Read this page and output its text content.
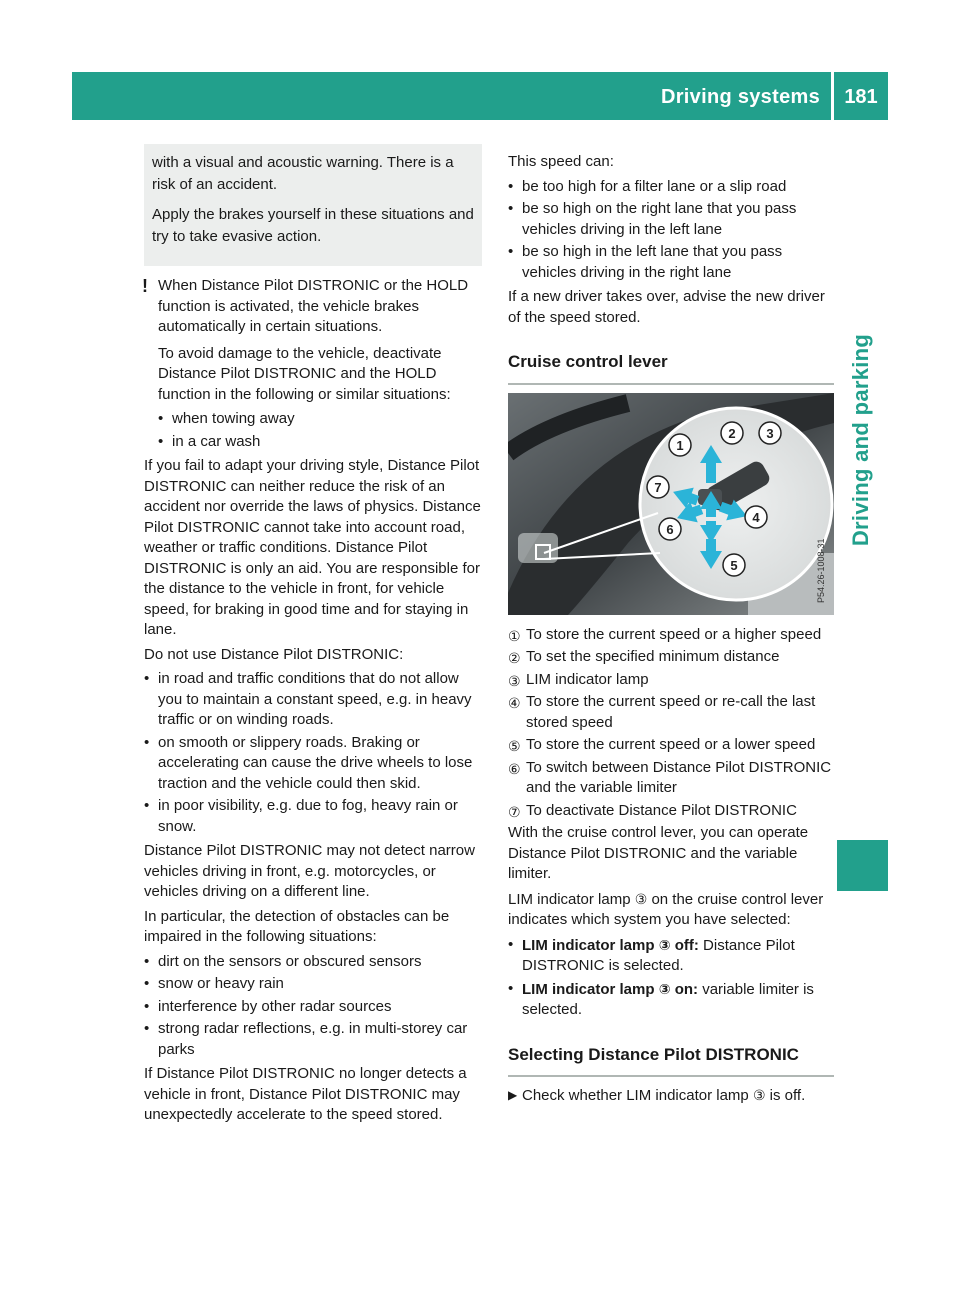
Driving systems	181
Driving and parking

with a visual and acoustic warning. There is a risk of an accident.

Apply the brakes yourself in these situations and try to take evasive action.

! When Distance Pilot DISTRONIC or the HOLD function is activated, the vehicle brakes automatically in certain situations.

To avoid damage to the vehicle, deactivate Distance Pilot DISTRONIC and the HOLD function in the following or similar situations:

• when towing away
• in a car wash

If you fail to adapt your driving style, Distance Pilot DISTRONIC can neither reduce the risk of an accident nor override the laws of physics. Distance Pilot DISTRONIC cannot take into account road, weather or traffic conditions. Distance Pilot DISTRONIC is only an aid. You are responsible for the distance to the vehicle in front, for vehicle speed, for braking in good time and for staying in lane.

Do not use Distance Pilot DISTRONIC:

• in road and traffic conditions that do not allow you to maintain a constant speed, e.g. in heavy traffic or on winding roads.
• on smooth or slippery roads. Braking or accelerating can cause the drive wheels to lose traction and the vehicle could then skid.
• in poor visibility, e.g. due to fog, heavy rain or snow.

Distance Pilot DISTRONIC may not detect narrow vehicles driving in front, e.g. motorcycles, or vehicles driving on a different line.

In particular, the detection of obstacles can be impaired in the following situations:

• dirt on the sensors or obscured sensors
• snow or heavy rain
• interference by other radar sources
• strong radar reflections, e.g. in multi-storey car parks

If Distance Pilot DISTRONIC no longer detects a vehicle in front, Distance Pilot DISTRONIC may unexpectedly accelerate to the speed stored.

This speed can:

• be too high for a filter lane or a slip road
• be so high on the right lane that you pass vehicles driving in the left lane
• be so high in the left lane that you pass vehicles driving in the right lane

If a new driver takes over, advise the new driver of the speed stored.

Cruise control lever
1
2 3
4
5
6
7
P54.26-1008-31
① To store the current speed or a higher speed
② To set the specified minimum distance
③ LIM indicator lamp
④ To store the current speed or re-call the last stored speed
⑤ To store the current speed or a lower speed
⑥ To switch between Distance Pilot DISTRONIC and the variable limiter
⑦ To deactivate Distance Pilot DISTRONIC

With the cruise control lever, you can operate Distance Pilot DISTRONIC and the variable limiter.

LIM indicator lamp ③ on the cruise control lever indicates which system you have selected:

• LIM indicator lamp ③ off: Distance Pilot DISTRONIC is selected.
• LIM indicator lamp ③ on: variable limiter is selected.
Selecting Distance Pilot DISTRONIC
▶ Check whether LIM indicator lamp ③ is off.
